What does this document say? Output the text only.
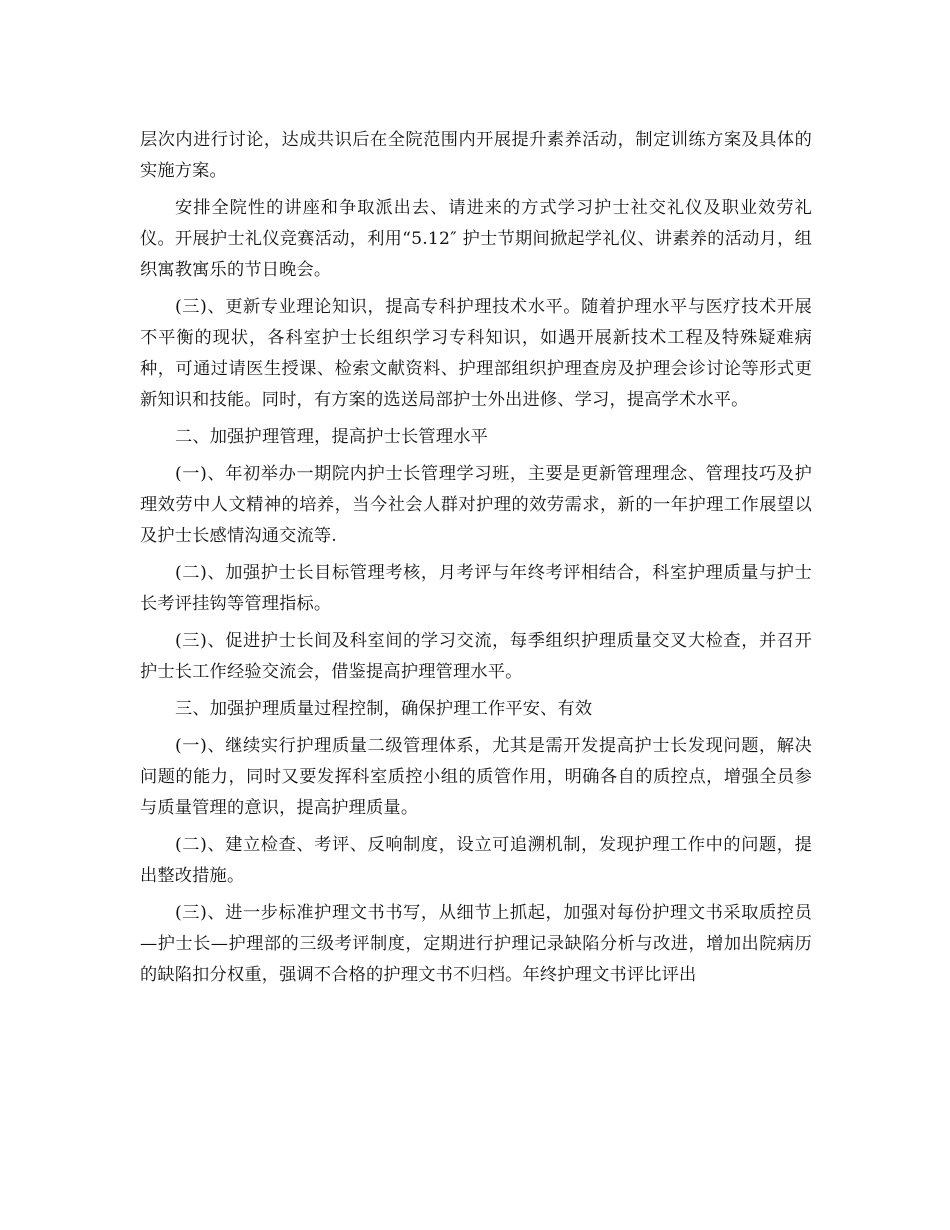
层次内进行讨论，达成共识后在全院范围内开展提升素养活动，制定训练方案及具体的实施方案。

安排全院性的讲座和争取派出去、请进来的方式学习护士社交礼仪及职业效劳礼仪。开展护士礼仪竞赛活动，利用“5.12″ 护士节期间掀起学礼仪、讲素养的活动月，组织寓教寓乐的节日晚会。

(三)、更新专业理论知识，提高专科护理技术水平。随着护理水平与医疗技术开展不平衡的现状，各科室护士长组织学习专科知识，如遇开展新技术工程及特殊疑难病种，可通过请医生授课、检索文献资料、护理部组织护理查房及护理会诊讨论等形式更新知识和技能。同时，有方案的选送局部护士外出进修、学习，提高学术水平。

二、加强护理管理，提高护士长管理水平

(一)、年初举办一期院内护士长管理学习班，主要是更新管理理念、管理技巧及护理效劳中人文精神的培养，当今社会人群对护理的效劳需求，新的一年护理工作展望以及护士长感情沟通交流等.

(二)、加强护士长目标管理考核，月考评与年终考评相结合，科室护理质量与护士长考评挂钩等管理指标。

(三)、促进护士长间及科室间的学习交流，每季组织护理质量交叉大检查，并召开护士长工作经验交流会，借鉴提高护理管理水平。

三、加强护理质量过程控制，确保护理工作平安、有效

(一)、继续实行护理质量二级管理体系，尤其是需开发提高护士长发现问题，解决问题的能力，同时又要发挥科室质控小组的质管作用，明确各自的质控点，增强全员参与质量管理的意识，提高护理质量。

(二)、建立检查、考评、反响制度，设立可追溯机制，发现护理工作中的问题，提出整改措施。

(三)、进一步标准护理文书书写，从细节上抓起，加强对每份护理文书采取质控员—护士长—护理部的三级考评制度，定期进行护理记录缺陷分析与改进，增加出院病历的缺陷扣分权重，强调不合格的护理文书不归档。年终护理文书评比评出
